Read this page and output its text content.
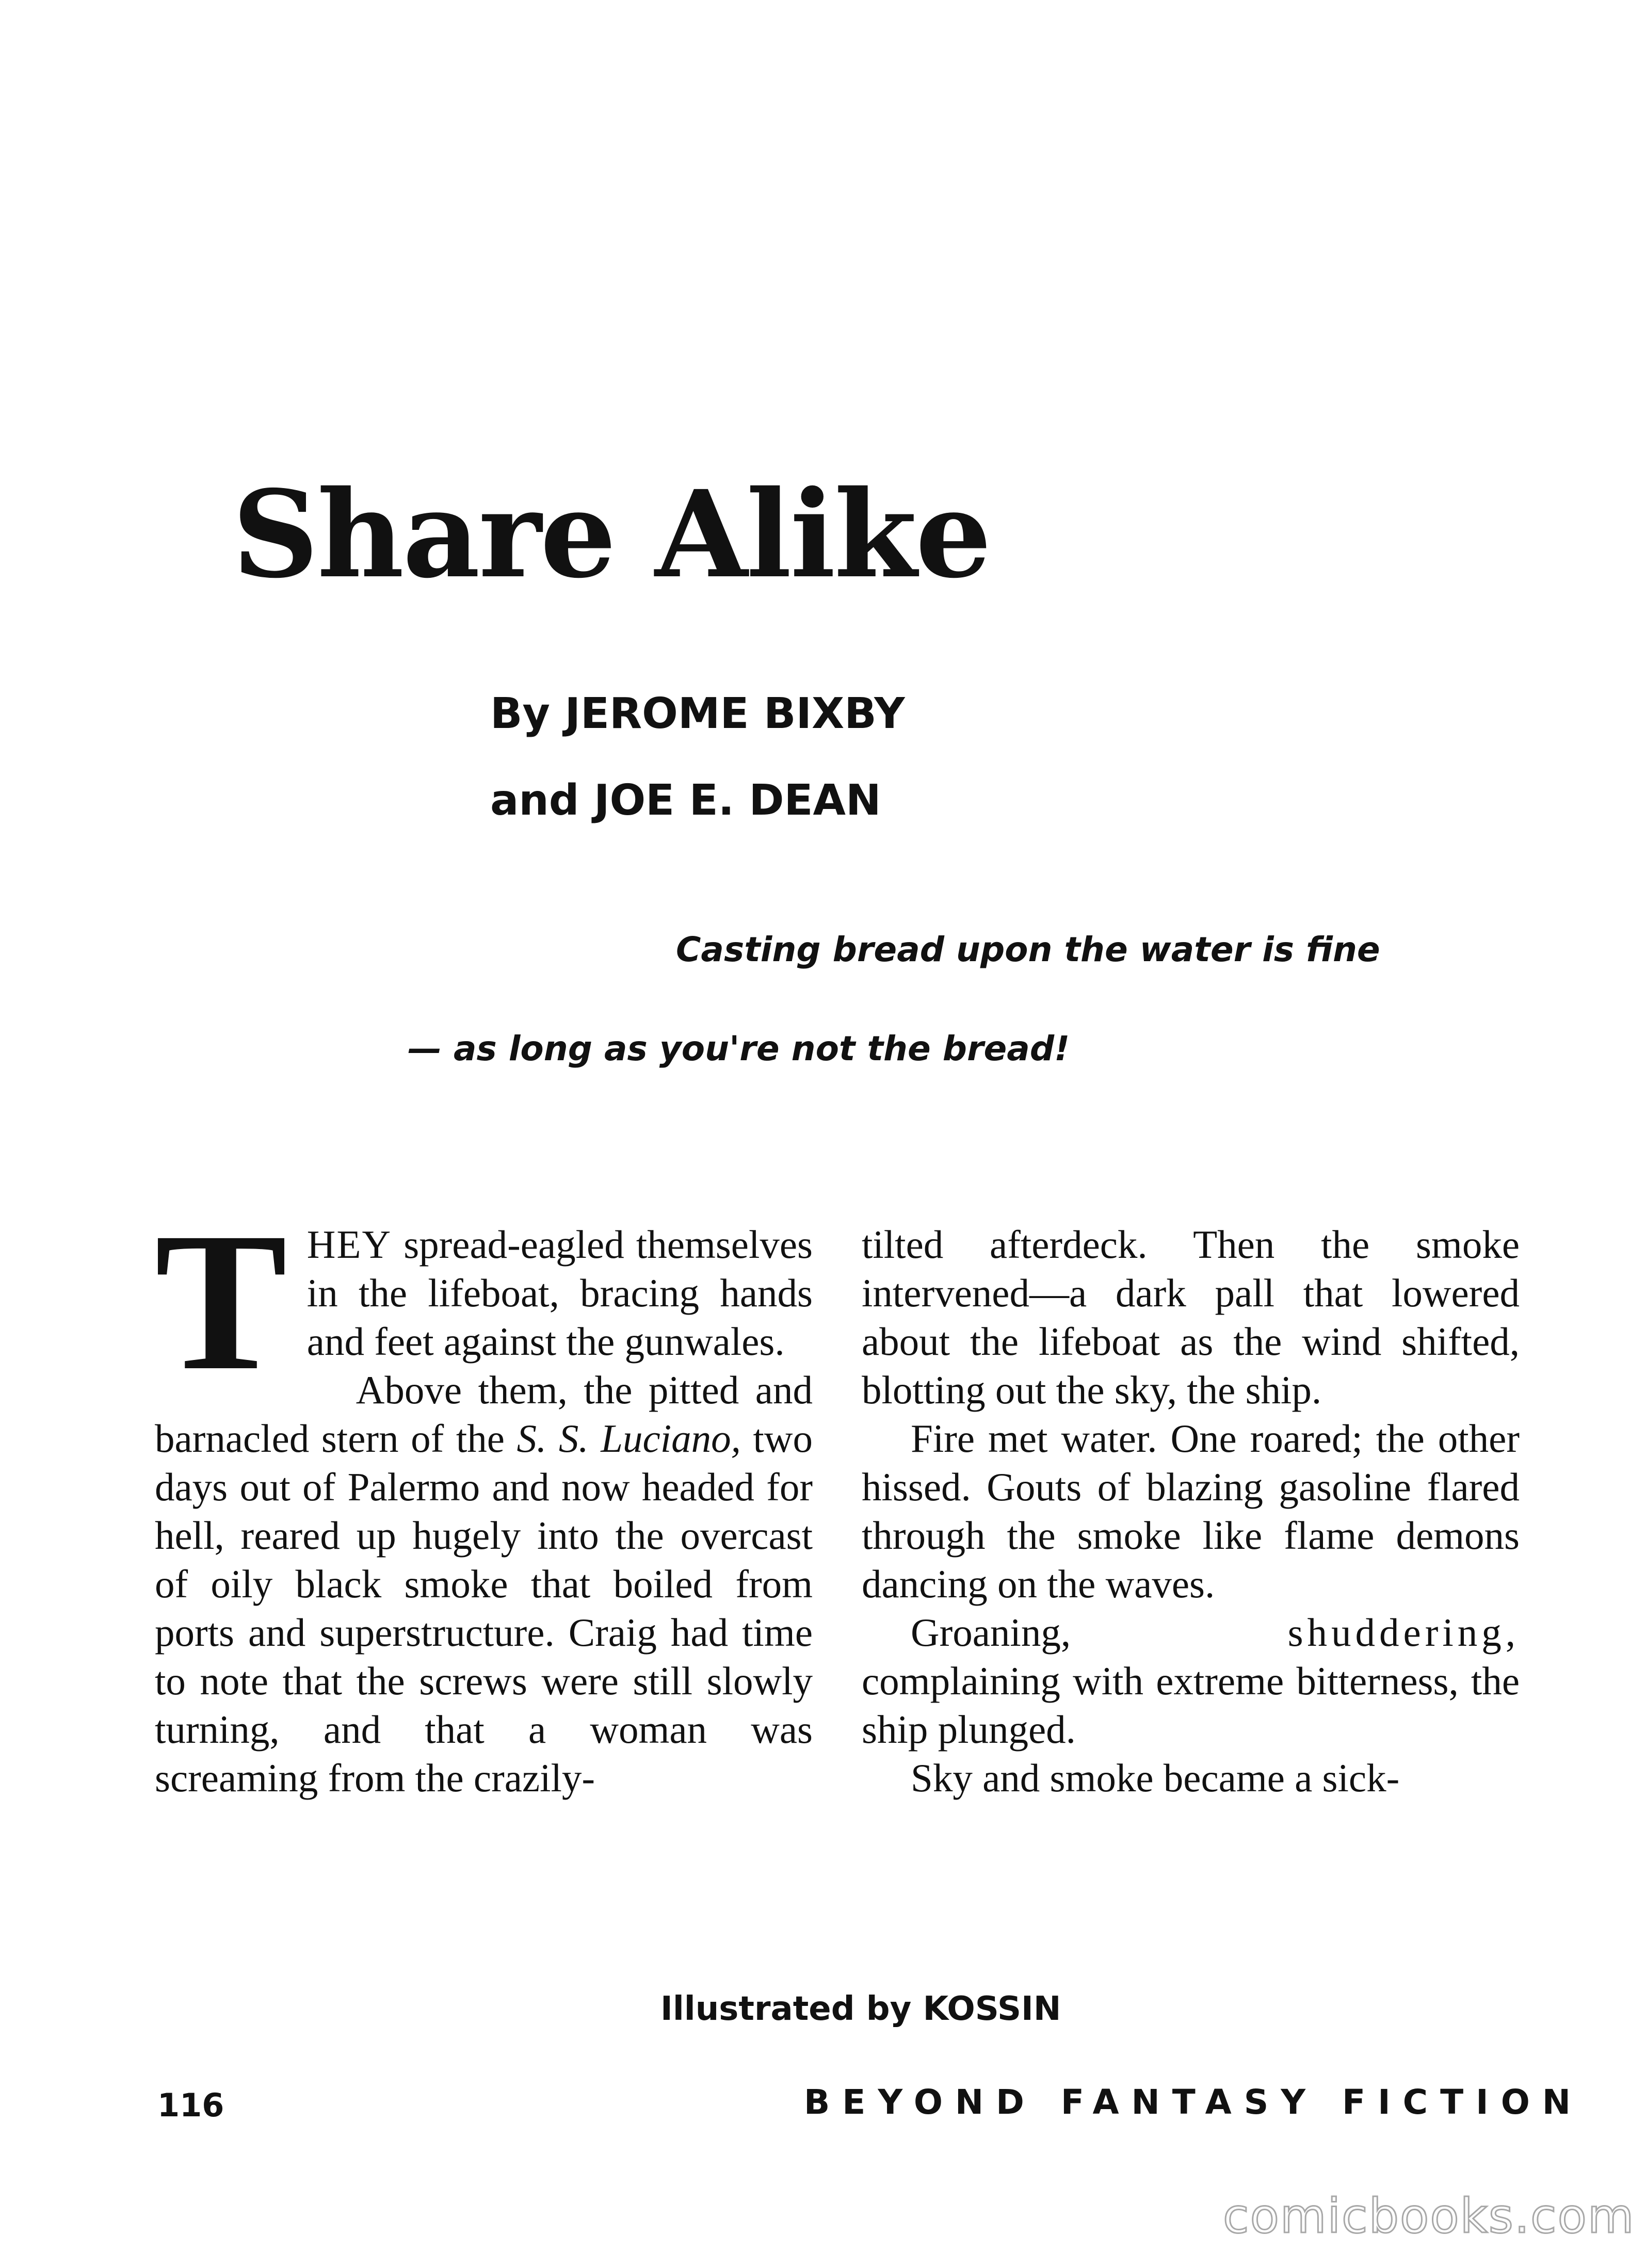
Share Alike
By JEROME BIXBY
and JOE E. DEAN
Casting bread upon the water is fine
— as long as you're not the bread!

THEY spread-eagled themselves in the lifeboat, bracing hands and feet against the gunwales.

Above them, the pitted and barnacled stern of the S. S. Luciano, two days out of Palermo and now headed for hell, reared up hugely into the overcast of oily black smoke that boiled from ports and superstructure. Craig had time to note that the screws were still slowly turning, and that a woman was screaming from the crazily-

tilted afterdeck. Then the smoke intervened—a dark pall that lowered about the lifeboat as the wind shifted, blotting out the sky, the ship.

Fire met water. One roared; the other hissed. Gouts of blazing gasoline flared through the smoke like flame demons dancing on the waves.

Groaning, shuddering, complaining with extreme bitterness, the ship plunged.

Sky and smoke became a sick-

Illustrated by KOSSIN
116	BEYOND FANTASY FICTION
comicbooks.com
